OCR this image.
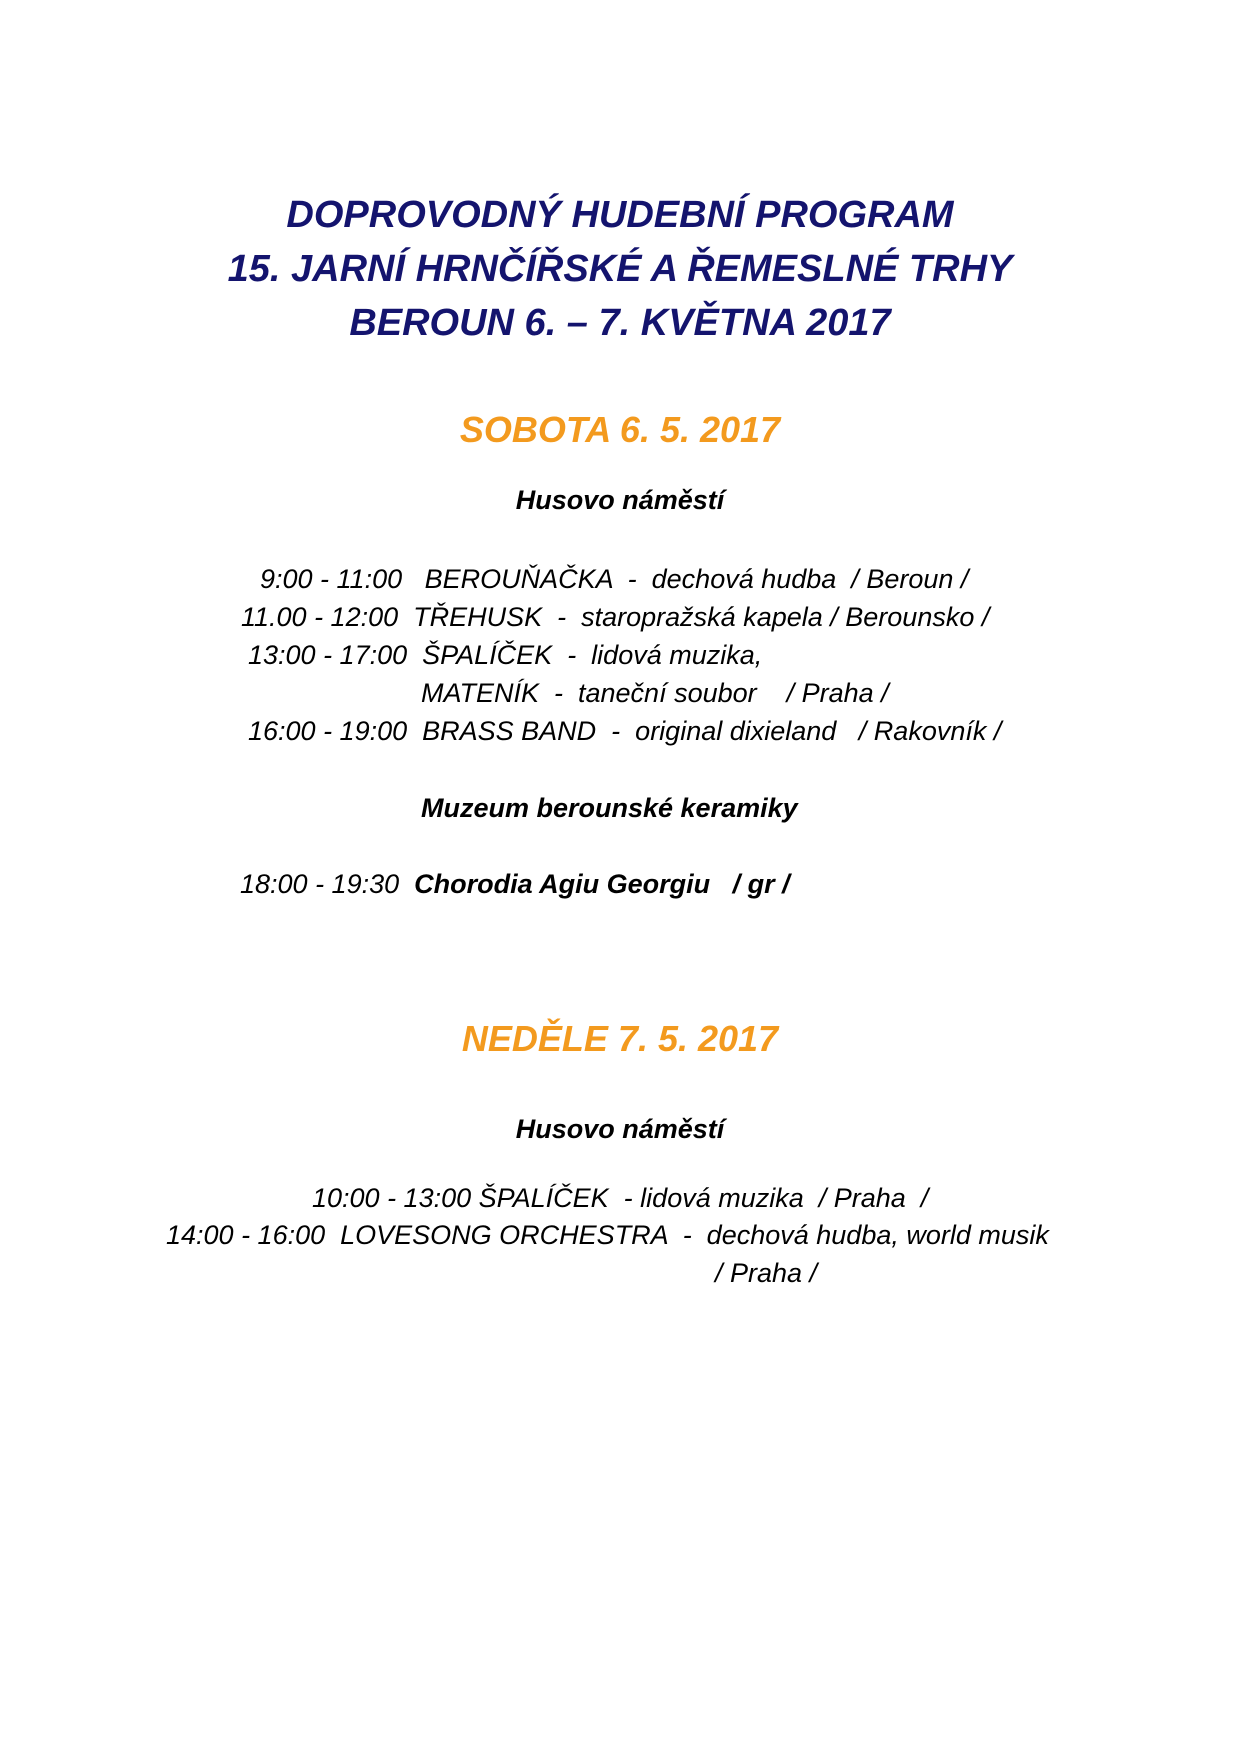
DOPROVODNÝ HUDEBNÍ PROGRAM
15. JARNÍ HRNČÍŘSKÉ A ŘEMESLNÉ TRHY
BEROUN 6. – 7. KVĚTNA 2017
SOBOTA 6. 5. 2017
Husovo náměstí
9:00 - 11:00   BEROUŇAČKA  -  dechová hudba  / Beroun /
11.00 - 12:00  TŘEHUSK  -  staropražská kapela / Berounsko /
13:00 - 17:00  ŠPALÍČEK  -  lidová muzika,
MATENÍK  -  taneční soubor    / Praha /
16:00 - 19:00  BRASS BAND  -  original dixieland   / Rakovník /
Muzeum berounské keramiky
18:00 - 19:30 Chorodia Agiu Georgiu   / gr /
NEDĚLE 7. 5. 2017
Husovo náměstí
10:00 - 13:00 ŠPALÍČEK  - lidová muzika  / Praha  /
14:00 - 16:00  LOVESONG ORCHESTRA  -  dechová hudba, world musik
/ Praha /
